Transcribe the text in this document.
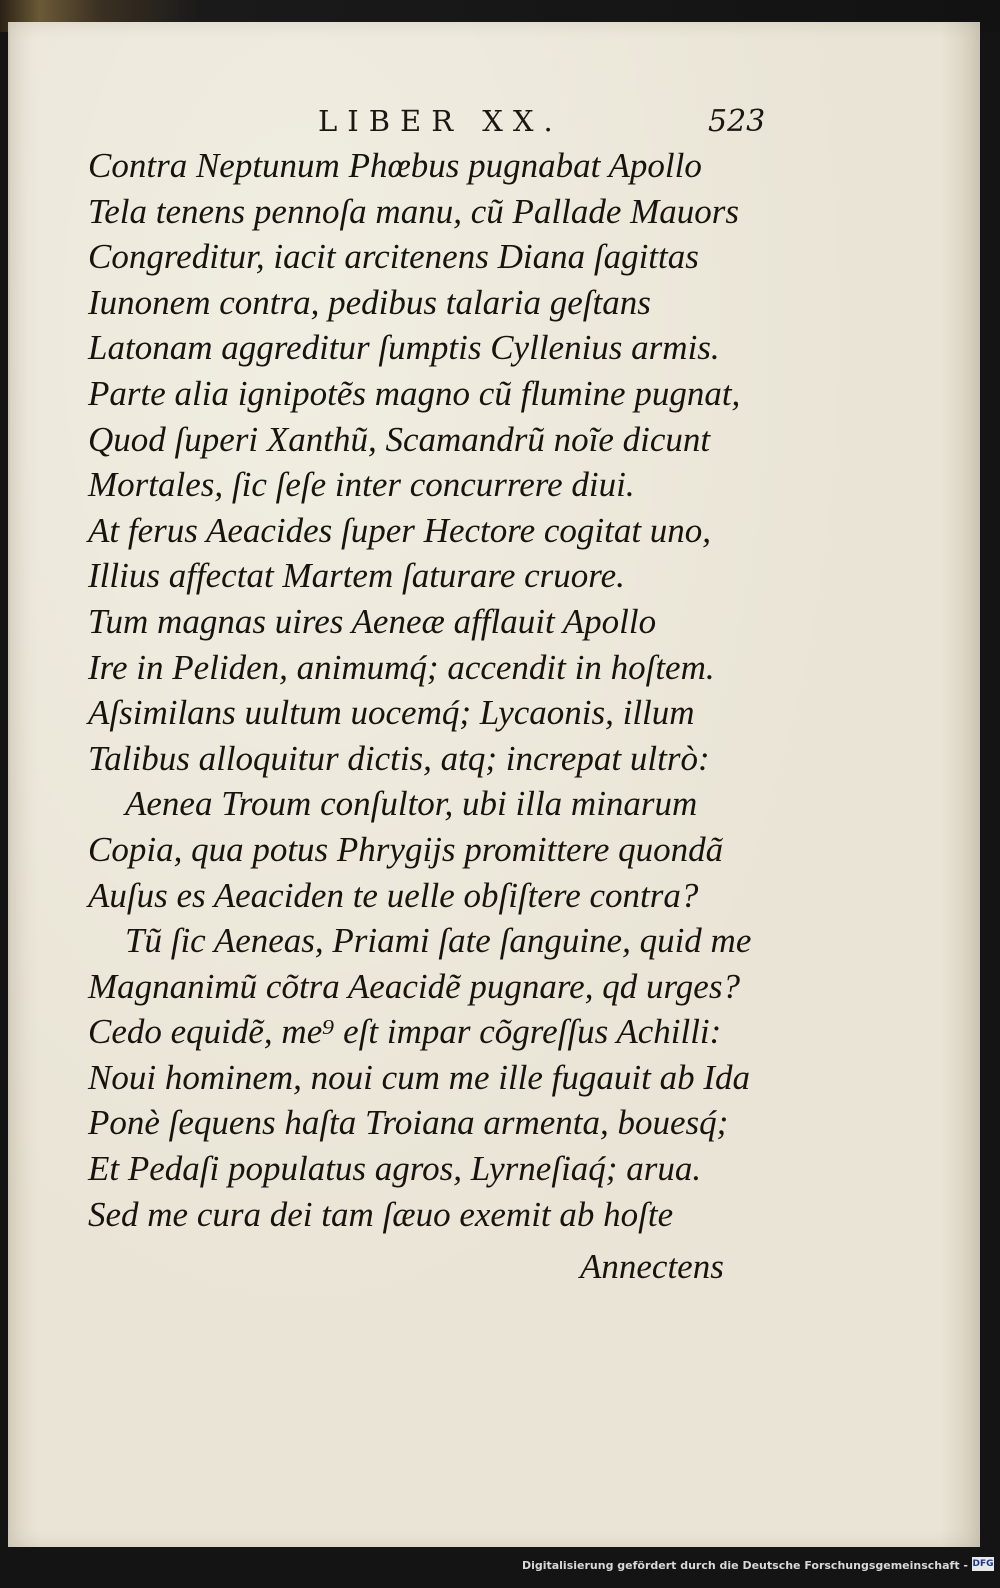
LIBER XX.	523
Contra Neptunum Phœbus pugnabat Apollo
Tela tenens pennoſa manu, cũ Pallade Mauors
Congreditur, iacit arcitenens Diana ſagittas
Iunonem contra, pedibus talaria geſtans
Latonam aggreditur ſumptis Cyllenius armis.
Parte alia ignipotẽs magno cũ flumine pugnat,
Quod ſuperi Xanthũ, Scamandrũ noĩe dicunt
Mortales, ſic ſeſe inter concurrere diui.
At ferus Aeacides ſuper Hectore cogitat uno,
Illius affectat Martem ſaturare cruore.
Tum magnas uires Aeneæ afflauit Apollo
Ire in Peliden, animumq́; accendit in hoſtem.
Aſsimilans uultum uocemq́; Lycaonis, illum
Talibus alloquitur dictis, atq; increpat ultrò:
Aenea Troum conſultor, ubi illa minarum
Copia, qua potus Phrygijs promittere quondã
Auſus es Aeaciden te uelle obſiſtere contra?
Tũ ſic Aeneas, Priami ſate ſanguine, quid me
Magnanimũ cõtra Aeacidẽ pugnare, qd urges?
Cedo equidẽ, me⁹ eſt impar cõgreſſus Achilli:
Noui hominem, noui cum me ille fugauit ab Ida
Ponè ſequens haſta Troiana armenta, bouesq́;
Et Pedaſi populatus agros, Lyrneſiaq́; arua.
Sed me cura dei tam ſæuo exemit ab hoſte
Annectens
Digitalisierung gefördert durch die Deutsche Forschungsgemeinschaft - DFG
